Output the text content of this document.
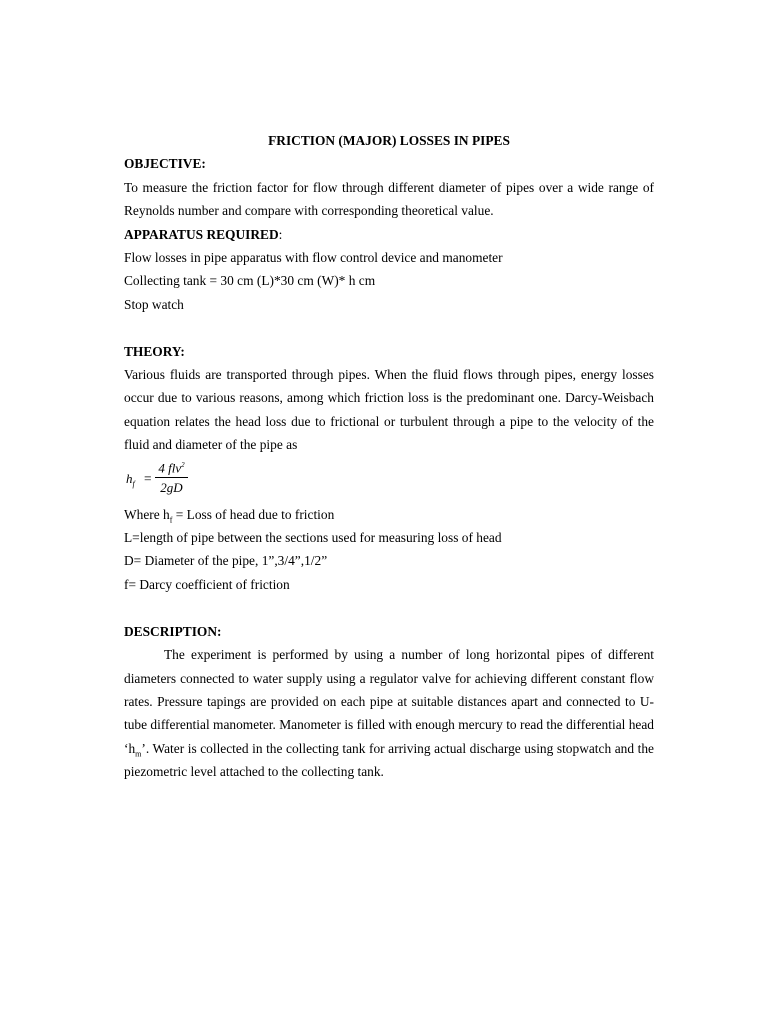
FRICTION (MAJOR) LOSSES IN PIPES
OBJECTIVE:
To measure the friction factor for flow through different diameter of pipes over a wide range of Reynolds number and compare with corresponding theoretical value.
APPARATUS REQUIRED:
Flow losses in pipe apparatus with flow control device and manometer
Collecting tank = 30 cm (L)*30 cm (W)* h cm
Stop watch
THEORY:
Various fluids are transported through pipes. When the fluid flows through pipes, energy losses occur due to various reasons, among which friction loss is the predominant one. Darcy-Weisbach equation relates the head loss due to frictional or turbulent through a pipe to the velocity of the fluid and diameter of the pipe as
$h_f$ =
4 flv$^2$
2gD
Where $h_f$ = Loss of head due to friction
L=length of pipe between the sections used for measuring loss of head
D= Diameter of the pipe, 1”,3/4”,1/2”
f= Darcy coefficient of friction
DESCRIPTION:
The experiment is performed by using a number of long horizontal pipes of different diameters connected to water supply using a regulator valve for achieving different constant flow rates. Pressure tapings are provided on each pipe at suitable distances apart and connected to U-tube differential manometer. Manometer is filled with enough mercury to read the differential head ‘$h_m$’. Water is collected in the collecting tank for arriving actual discharge using stopwatch and the piezometric level attached to the collecting tank.
